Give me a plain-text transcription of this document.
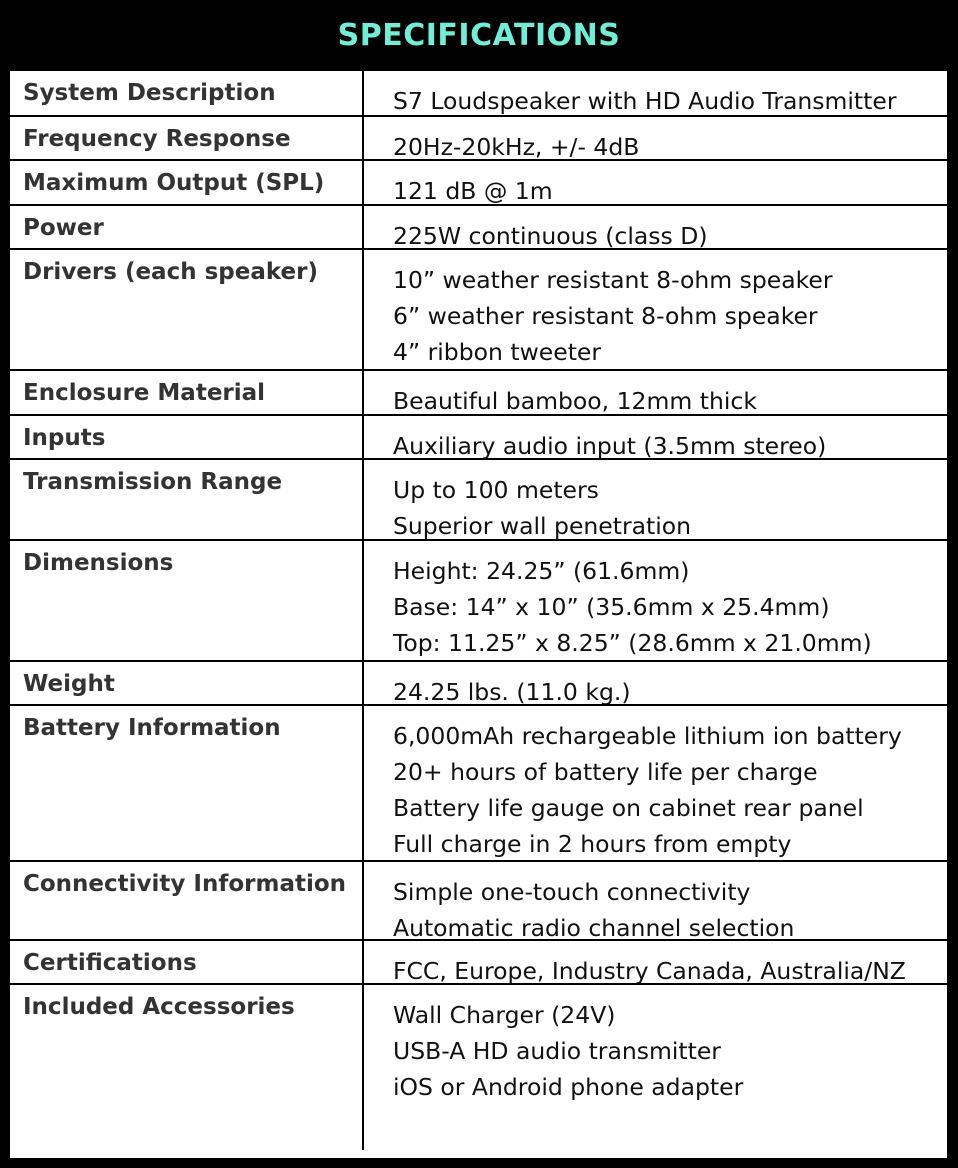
SPECIFICATIONS
System Description	S7 Loudspeaker with HD Audio Transmitter
Frequency Response	20Hz-20kHz, +/- 4dB
Maximum Output (SPL)	121 dB @ 1m
Power	225W continuous (class D)
Drivers (each speaker)	10” weather resistant 8-ohm speaker
6” weather resistant 8-ohm speaker
4” ribbon tweeter
Enclosure Material	Beautiful bamboo, 12mm thick
Inputs	Auxiliary audio input (3.5mm stereo)
Transmission Range	Up to 100 meters
Superior wall penetration
Dimensions	Height: 24.25” (61.6mm)
Base: 14” x 10” (35.6mm x 25.4mm)
Top: 11.25” x 8.25” (28.6mm x 21.0mm)
Weight	24.25 lbs. (11.0 kg.)
Battery Information	6,000mAh rechargeable lithium ion battery
20+ hours of battery life per charge
Battery life gauge on cabinet rear panel
Full charge in 2 hours from empty
Connectivity Information	Simple one-touch connectivity
Automatic radio channel selection
Certifications	FCC, Europe, Industry Canada, Australia/NZ
Included Accessories	Wall Charger (24V)
USB-A HD audio transmitter
iOS or Android phone adapter
